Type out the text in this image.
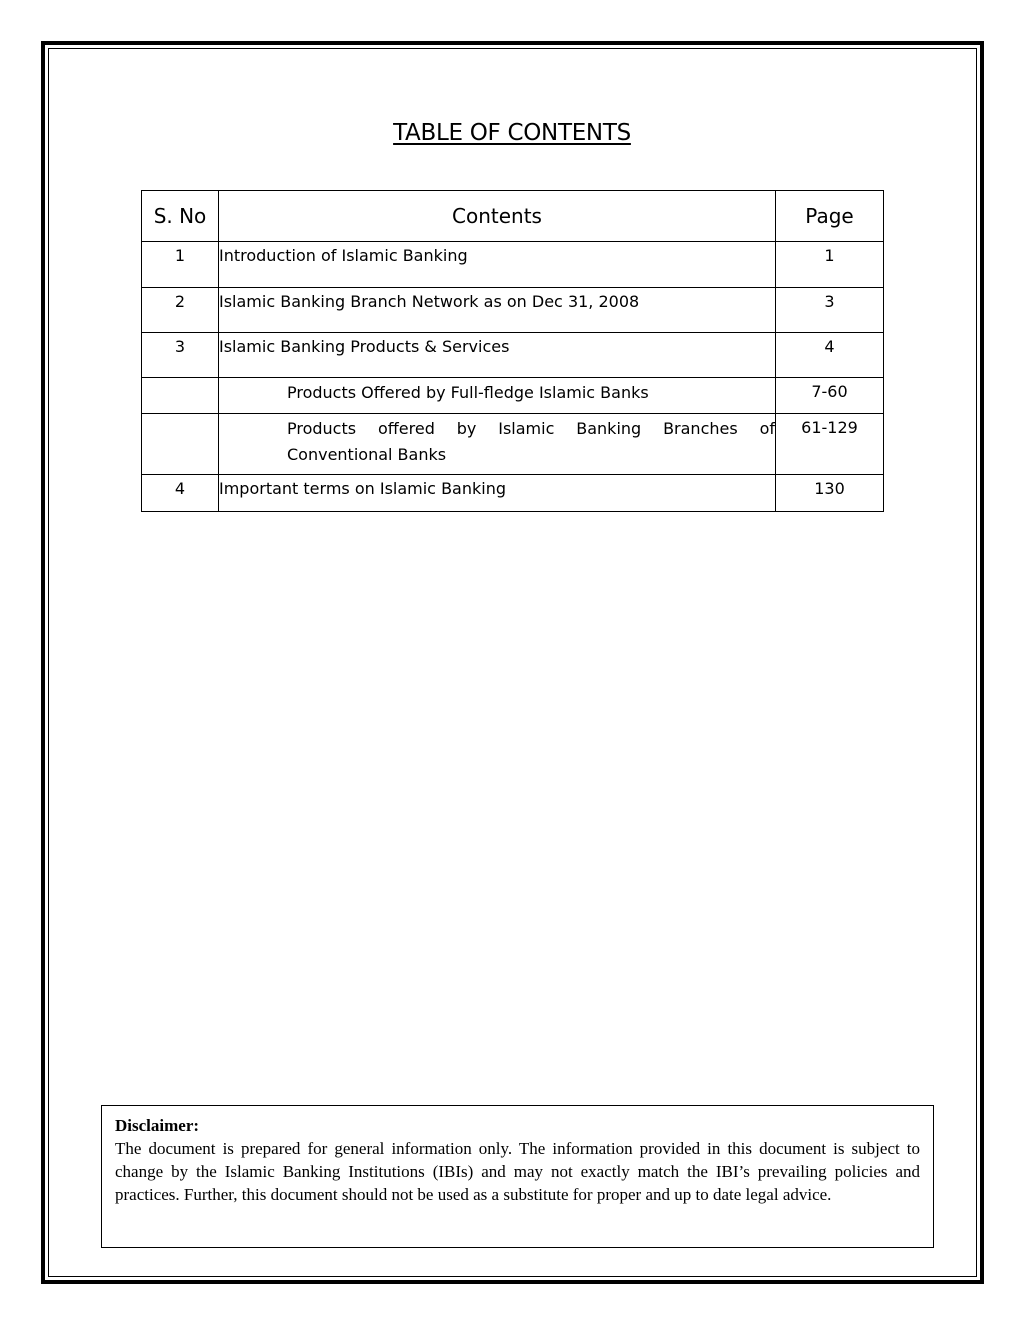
TABLE OF CONTENTS
S. No	Contents	Page
1	Introduction of Islamic Banking	1
2	Islamic Banking Branch Network as on Dec 31, 2008	3
3	Islamic Banking Products & Services	4
	Products Offered by Full-fledge Islamic Banks	7-60
	Products offered by Islamic Banking Branches of Conventional Banks	61-129
4	Important terms on Islamic Banking	130
Disclaimer:
The document is prepared for general information only. The information provided in this document is subject to change by the Islamic Banking Institutions (IBIs) and may not exactly match the IBI’s prevailing policies and practices. Further, this document should not be used as a substitute for proper and up to date legal advice.
